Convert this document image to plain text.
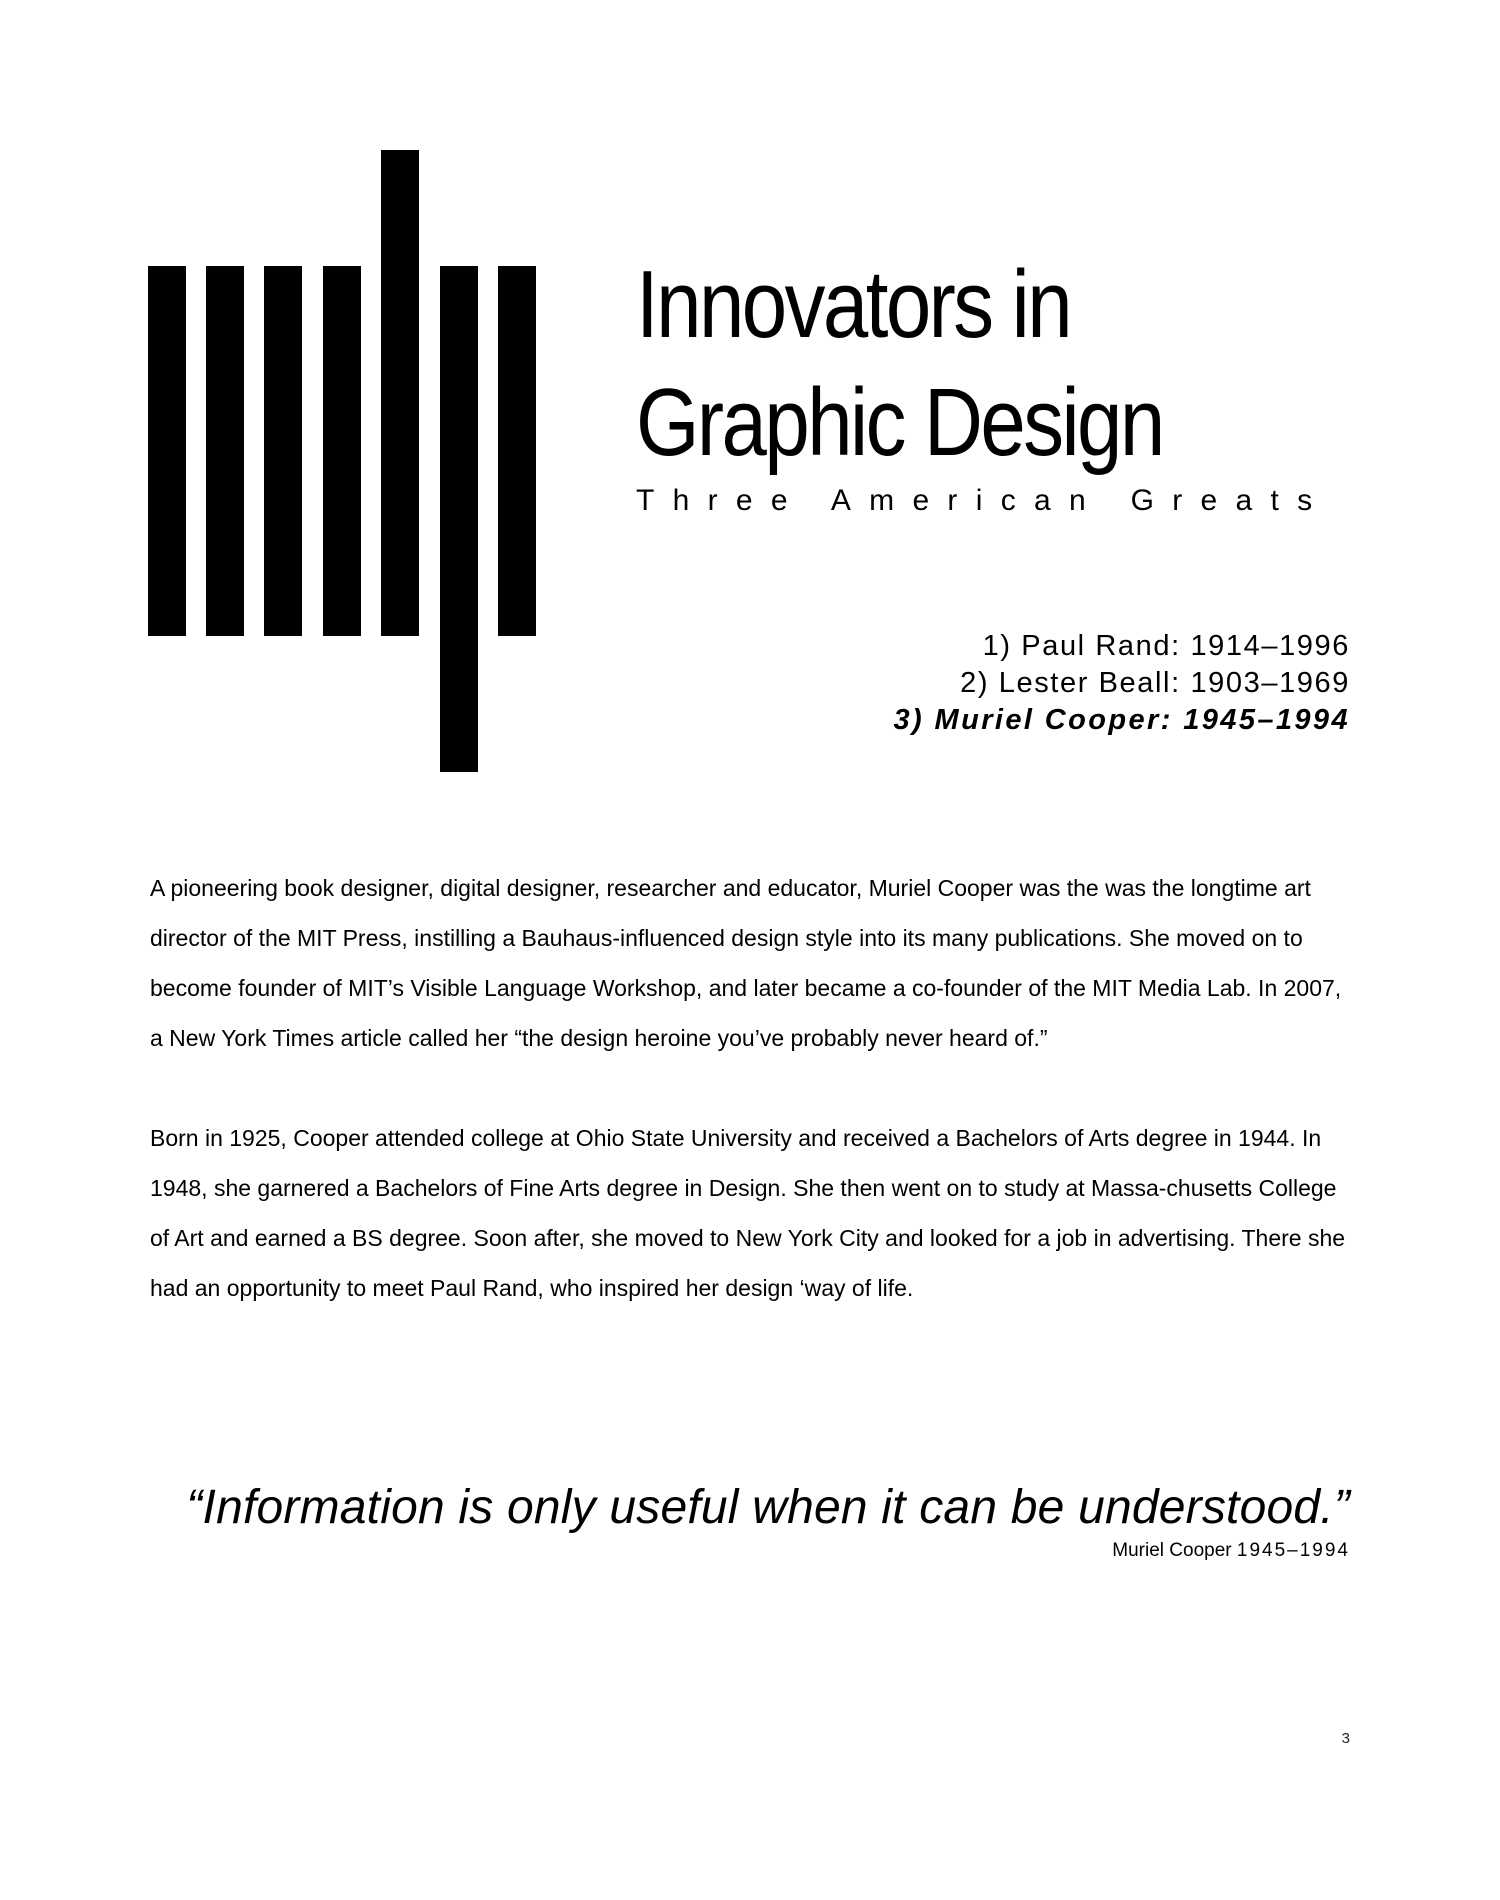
Innovators in
Graphic Design
Three American Greats
1) Paul Rand: 1914–1996
2) Lester Beall: 1903–1969
3) Muriel Cooper: 1945–1994

A pioneering book designer, digital designer, researcher and educator, Muriel Cooper was the was the longtime art director of the MIT Press, instilling a Bauhaus-influenced design style into its many publications. She moved on to become founder of MIT’s Visible Language Workshop, and later became a co-founder of the MIT Media Lab. In 2007, a New York Times article called her “the design heroine you’ve probably never heard of.”

Born in 1925, Cooper attended college at Ohio State University and received a Bachelors of Arts degree in 1944. In 1948, she garnered a Bachelors of Fine Arts degree in Design. She then went on to study at Massa-chusetts College of Art and earned a BS degree. Soon after, she moved to New York City and looked for a job in advertising. There she had an opportunity to meet Paul Rand, who inspired her design ‘way of life.

“Information is only useful when it can be understood.”
Muriel Cooper 1945–1994
3
